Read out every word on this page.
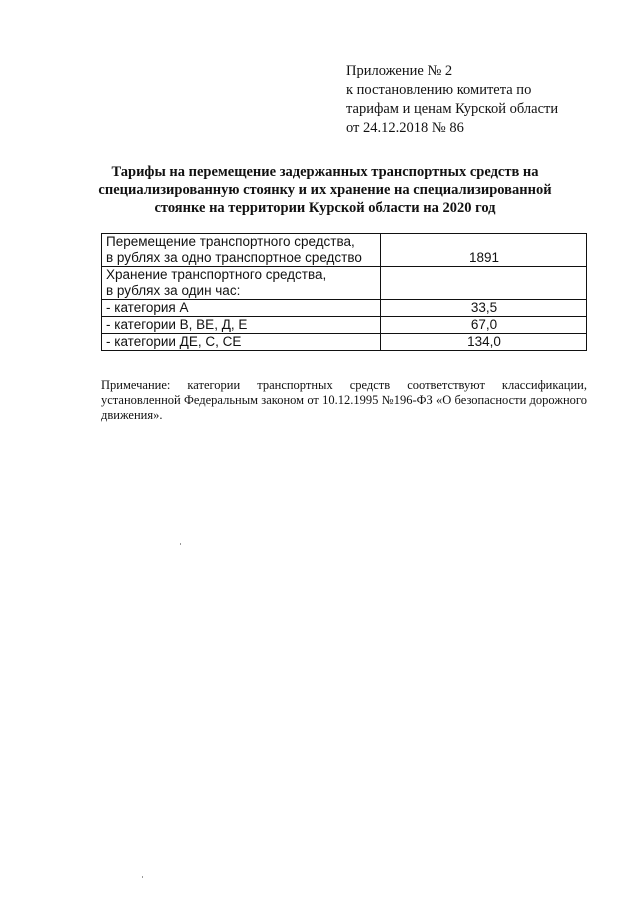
Приложение № 2
к постановлению комитета по
тарифам и ценам Курской области
от 24.12.2018 № 86
Тарифы на перемещение задержанных транспортных средств на
специализированную стоянку и их хранение на специализированной
стоянке на территории Курской области на 2020 год
Перемещение транспортного средства,
в рублях за одно транспортное средство	1891

Хранение транспортного средства,
в рублях за один час:	

- категория А	33,5
- категории В, ВЕ, Д, Е	67,0
- категории ДЕ, С, СЕ	134,0
Примечание: категории транспортных средств соответствуют классификации, установленной Федеральным законом от 10.12.1995 №196-ФЗ «О безопасности дорожного движения».
